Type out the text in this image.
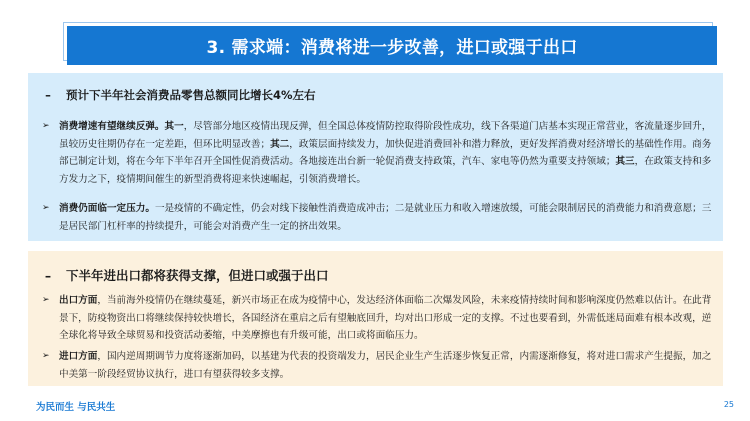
3. 需求端：消费将进一步改善，进口或强于出口
– 预计下半年社会消费品零售总额同比增长4%左右
➢ 消费增速有望继续反弹。其一，尽管部分地区疫情出现反弹，但全国总体疫情防控取得阶段性成功，线下各渠道门店基本实现正常营业，客流量逐步回升，虽较历史往期仍存在一定差距，但环比明显改善；其二，政策层面持续发力，加快促进消费回补和潜力释放，更好发挥消费对经济增长的基础性作用。商务部已制定计划，将在今年下半年召开全国性促消费活动。各地接连出台新一轮促消费支持政策，汽车、家电等仍然为重要支持领域；其三，在政策支持和多方发力之下，疫情期间催生的新型消费将迎来快速崛起，引领消费增长。
➢ 消费仍面临一定压力。一是疫情的不确定性，仍会对线下接触性消费造成冲击；二是就业压力和收入增速放缓，可能会限制居民的消费能力和消费意愿；三是居民部门杠杆率的持续提升，可能会对消费产生一定的挤出效果。
– 下半年进出口都将获得支撑，但进口或强于出口
➢ 出口方面，当前海外疫情仍在继续蔓延，新兴市场正在成为疫情中心，发达经济体面临二次爆发风险，未来疫情持续时间和影响深度仍然难以估计。在此背景下，防疫物资出口将继续保持较快增长，各国经济在重启之后有望触底回升，均对出口形成一定的支撑。不过也要看到，外需低迷局面难有根本改观，逆全球化将导致全球贸易和投资活动萎缩，中美摩擦也有升级可能，出口或将面临压力。
➢ 进口方面，国内逆周期调节力度将逐渐加码，以基建为代表的投资端发力，居民企业生产生活逐步恢复正常，内需逐渐修复，将对进口需求产生提振，加之中美第一阶段经贸协议执行，进口有望获得较多支撑。
为民而生 与民共生	25
